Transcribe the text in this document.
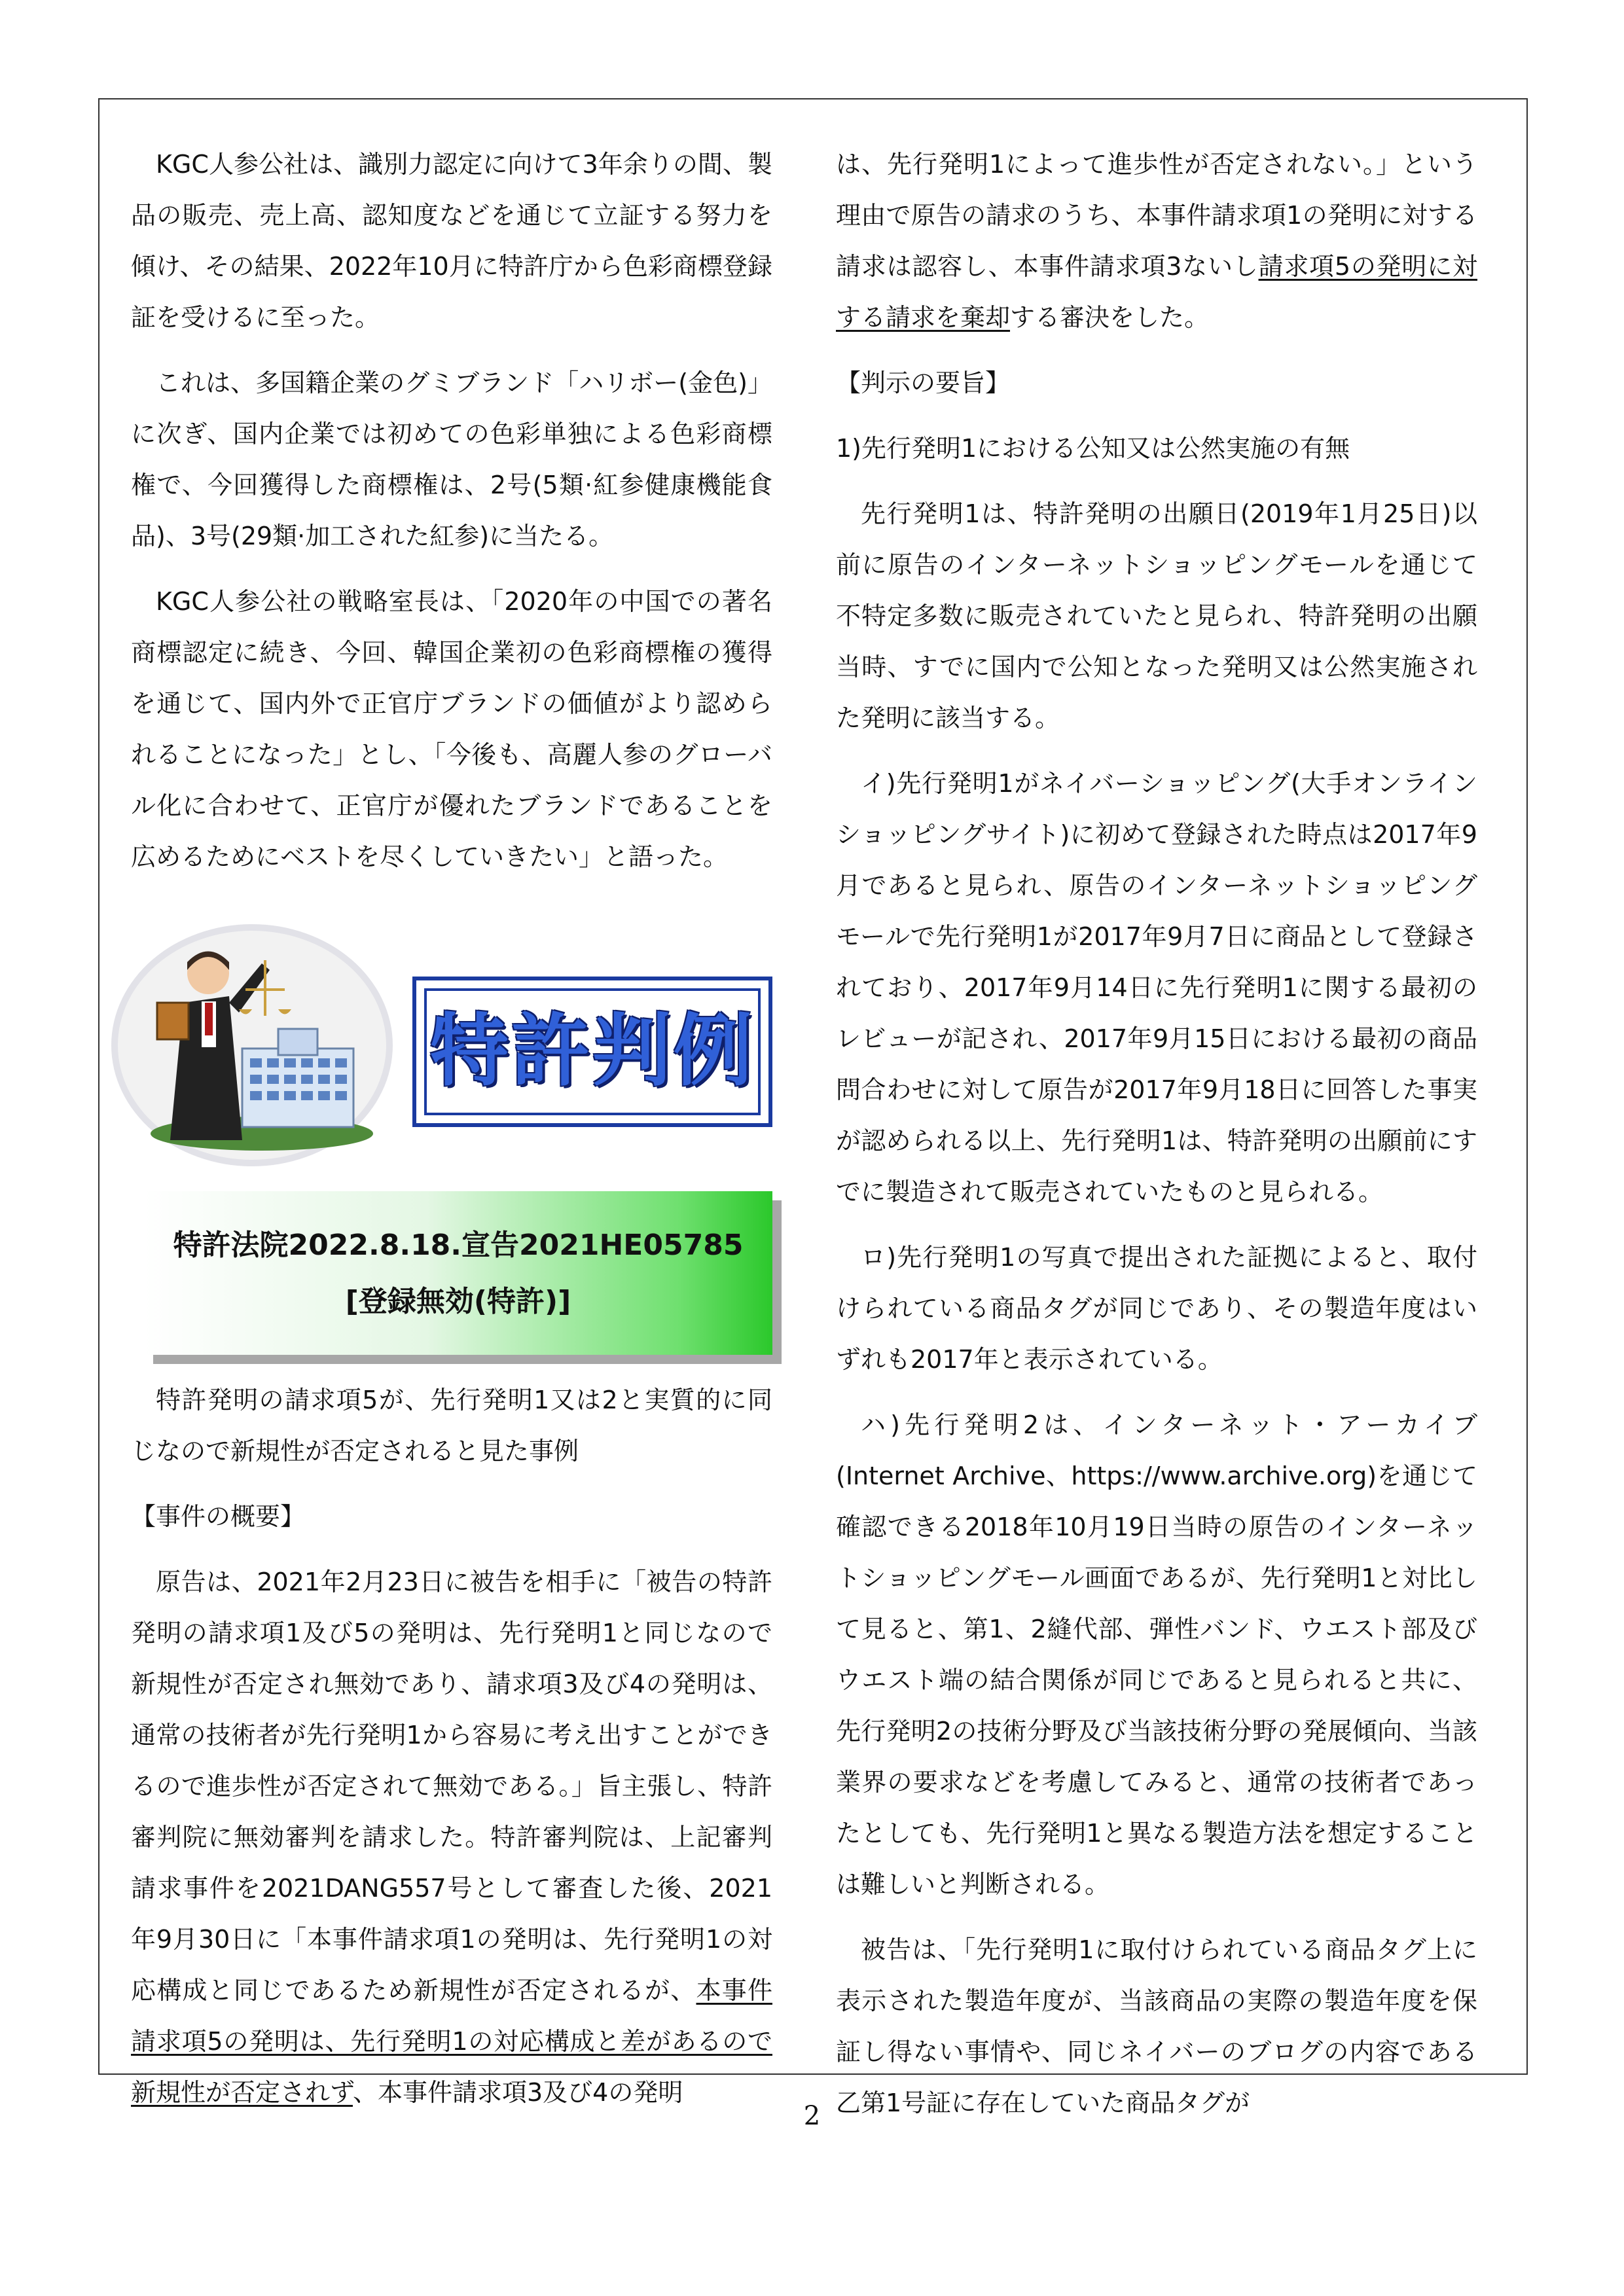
KGC人参公社は、識別力認定に向けて3年余りの間、製品の販売、売上高、認知度などを通じて立証する努力を傾け、その結果、2022年10月に特許庁から色彩商標登録証を受けるに至った。

これは、多国籍企業のグミブランド「ハリボー(金色)」に次ぎ、国内企業では初めての色彩単独による色彩商標権で、今回獲得した商標権は、2号(5類·紅参健康機能食品)、3号(29類·加工された紅参)に当たる。

KGC人参公社の戦略室長は、「2020年の中国での著名商標認定に続き、今回、韓国企業初の色彩商標権の獲得を通じて、国内外で正官庁ブランドの価値がより認められることになった」とし、「今後も、高麗人参のグローバル化に合わせて、正官庁が優れたブランドであることを広めるためにベストを尽くしていきたい」と語った。

特許判例
特許法院2022.8.18.宣告2021HE05785
[登録無効(特許)]

特許発明の請求項5が、先行発明1又は2と実質的に同じなので新規性が否定されると見た事例

【事件の概要】

原告は、2021年2月23日に被告を相手に「被告の特許発明の請求項1及び5の発明は、先行発明1と同じなので新規性が否定され無効であり、請求項3及び4の発明は、通常の技術者が先行発明1から容易に考え出すことができるので進歩性が否定されて無効である。」旨主張し、特許審判院に無効審判を請求した。特許審判院は、上記審判請求事件を2021DANG557号として審査した後、2021年9月30日に「本事件請求項1の発明は、先行発明1の対応構成と同じであるため新規性が否定されるが、本事件請求項5の発明は、先行発明1の対応構成と差があるので新規性が否定されず、本事件請求項3及び4の発明

は、先行発明1によって進歩性が否定されない。」という理由で原告の請求のうち、本事件請求項1の発明に対する請求は認容し、本事件請求項3ないし請求項5の発明に対する請求を棄却する審決をした。

【判示の要旨】

1)先行発明1における公知又は公然実施の有無

先行発明1は、特許発明の出願日(2019年1月25日)以前に原告のインターネットショッピングモールを通じて不特定多数に販売されていたと見られ、特許発明の出願当時、すでに国内で公知となった発明又は公然実施された発明に該当する。

イ)先行発明1がネイバーショッピング(大手オンラインショッピングサイト)に初めて登録された時点は2017年9月であると見られ、原告のインターネットショッピングモールで先行発明1が2017年9月7日に商品として登録されており、2017年9月14日に先行発明1に関する最初のレビューが記され、2017年9月15日における最初の商品問合わせに対して原告が2017年9月18日に回答した事実が認められる以上、先行発明1は、特許発明の出願前にすでに製造されて販売されていたものと見られる。

ロ)先行発明1の写真で提出された証拠によると、取付けられている商品タグが同じであり、その製造年度はいずれも2017年と表示されている。

ハ)先行発明2は、インターネット・アーカイブ(Internet Archive、https://www.archive.org)を通じて確認できる2018年10月19日当時の原告のインターネットショッピングモール画面であるが、先行発明1と対比して見ると、第1、2縫代部、弾性バンド、ウエスト部及びウエスト端の結合関係が同じであると見られると共に、先行発明2の技術分野及び当該技術分野の発展傾向、当該業界の要求などを考慮してみると、通常の技術者であったとしても、先行発明1と異なる製造方法を想定することは難しいと判断される。

被告は、「先行発明1に取付けられている商品タグ上に表示された製造年度が、当該商品の実際の製造年度を保証し得ない事情や、同じネイバーのブログの内容である乙第1号証に存在していた商品タグが

2
